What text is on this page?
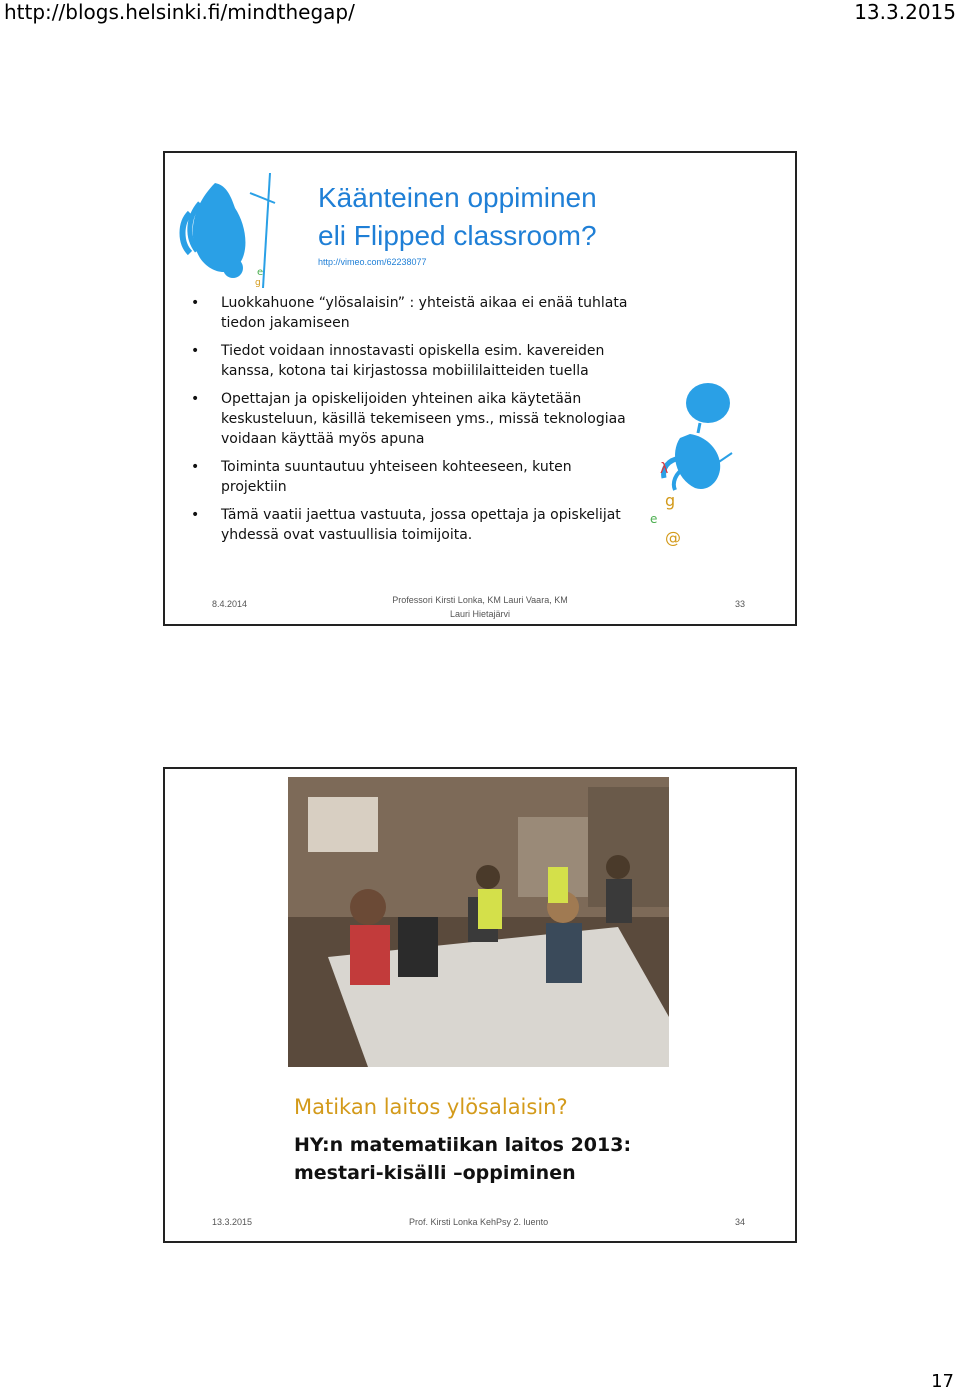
http://blogs.helsinki.fi/mindthegap/	13.3.2015
e
g
Käänteinen oppiminen
eli Flipped classroom?
http://vimeo.com/62238077
• Luokkahuone “ylösalaisin” : yhteistä aikaa ei enää tuhlata tiedon jakamiseen
• Tiedot voidaan innostavasti opiskella esim. kavereiden kanssa, kotona tai kirjastossa mobiililaitteiden tuella
• Opettajan ja opiskelijoiden yhteinen aika käytetään keskusteluun, käsillä tekemiseen yms., missä teknologiaa voidaan käyttää myös apuna
• Toiminta suuntautuu yhteiseen kohteeseen, kuten projektiin
• Tämä vaatii jaettua vastuuta, jossa opettaja ja opiskelijat yhdessä ovat vastuullisia toimijoita.
λ
g
e
@
8.4.2014	Professori Kirsti Lonka, KM Lauri Vaara, KM
Lauri Hietajärvi
33
Matikan laitos ylösalaisin?
HY:n matematiikan laitos 2013:
mestari-kisälli –oppiminen
13.3.2015	Prof. Kirsti Lonka KehPsy 2. luento	34
17
